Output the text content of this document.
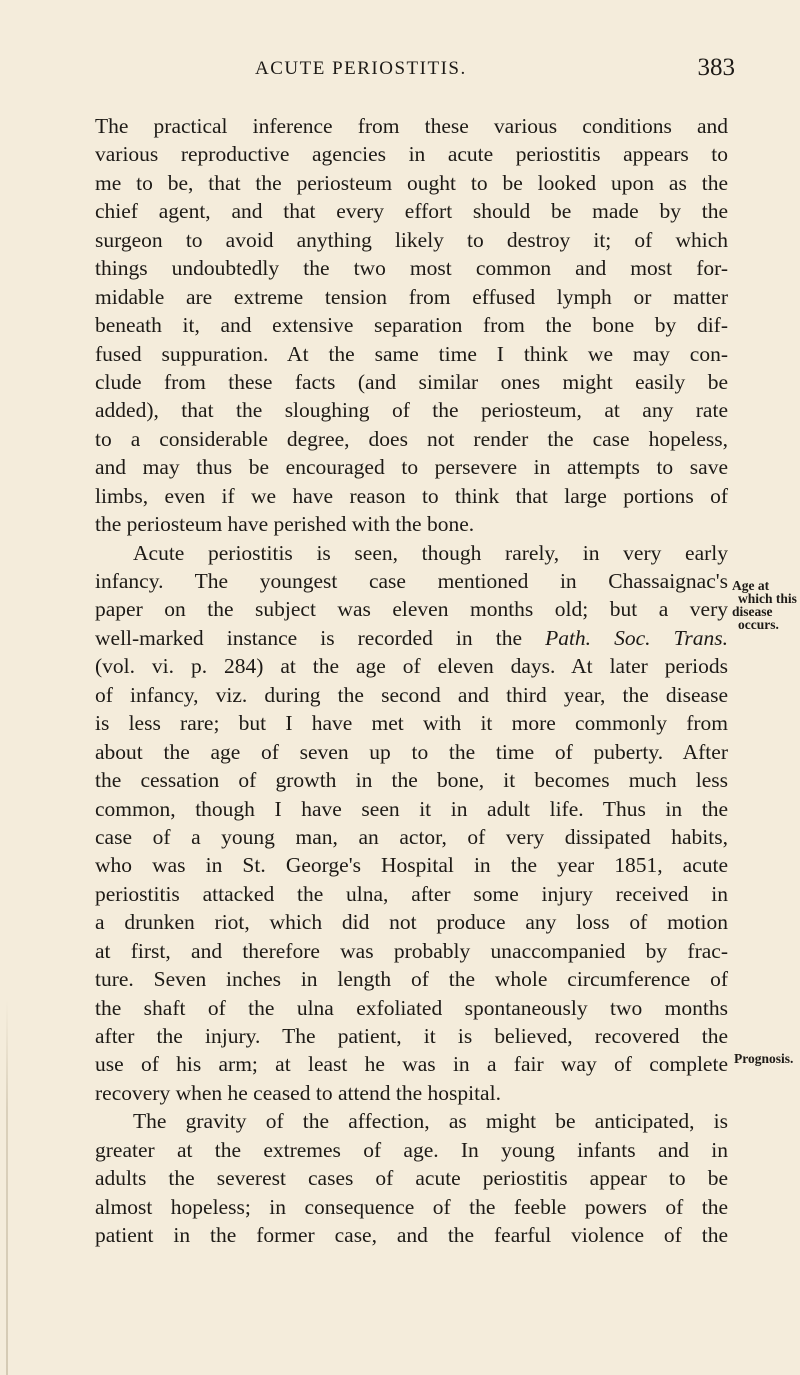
ACUTE PERIOSTITIS.	383
The practical inference from these various conditions and
various reproductive agencies in acute periostitis appears to
me to be, that the periosteum ought to be looked upon as the
chief agent, and that every effort should be made by the
surgeon to avoid anything likely to destroy it; of which
things undoubtedly the two most common and most for-
midable are extreme tension from effused lymph or matter
beneath it, and extensive separation from the bone by dif-
fused suppuration. At the same time I think we may con-
clude from these facts (and similar ones might easily be
added), that the sloughing of the periosteum, at any rate
to a considerable degree, does not render the case hopeless,
and may thus be encouraged to persevere in attempts to save
limbs, even if we have reason to think that large portions of
the periosteum have perished with the bone.
Acute periostitis is seen, though rarely, in very early
infancy. The youngest case mentioned in Chassaignac's
paper on the subject was eleven months old; but a very
well-marked instance is recorded in the Path. Soc. Trans.
(vol. vi. p. 284) at the age of eleven days. At later periods
of infancy, viz. during the second and third year, the disease
is less rare; but I have met with it more commonly from
about the age of seven up to the time of puberty. After
the cessation of growth in the bone, it becomes much less
common, though I have seen it in adult life. Thus in the
case of a young man, an actor, of very dissipated habits,
who was in St. George's Hospital in the year 1851, acute
periostitis attacked the ulna, after some injury received in
a drunken riot, which did not produce any loss of motion
at first, and therefore was probably unaccompanied by frac-
ture. Seven inches in length of the whole circumference of
the shaft of the ulna exfoliated spontaneously two months
after the injury. The patient, it is believed, recovered the
use of his arm; at least he was in a fair way of complete
recovery when he ceased to attend the hospital.
The gravity of the affection, as might be anticipated, is
greater at the extremes of age. In young infants and in
adults the severest cases of acute periostitis appear to be
almost hopeless; in consequence of the feeble powers of the
patient in the former case, and the fearful violence of the
Age at
which this
disease
occurs.
Prognosis.
